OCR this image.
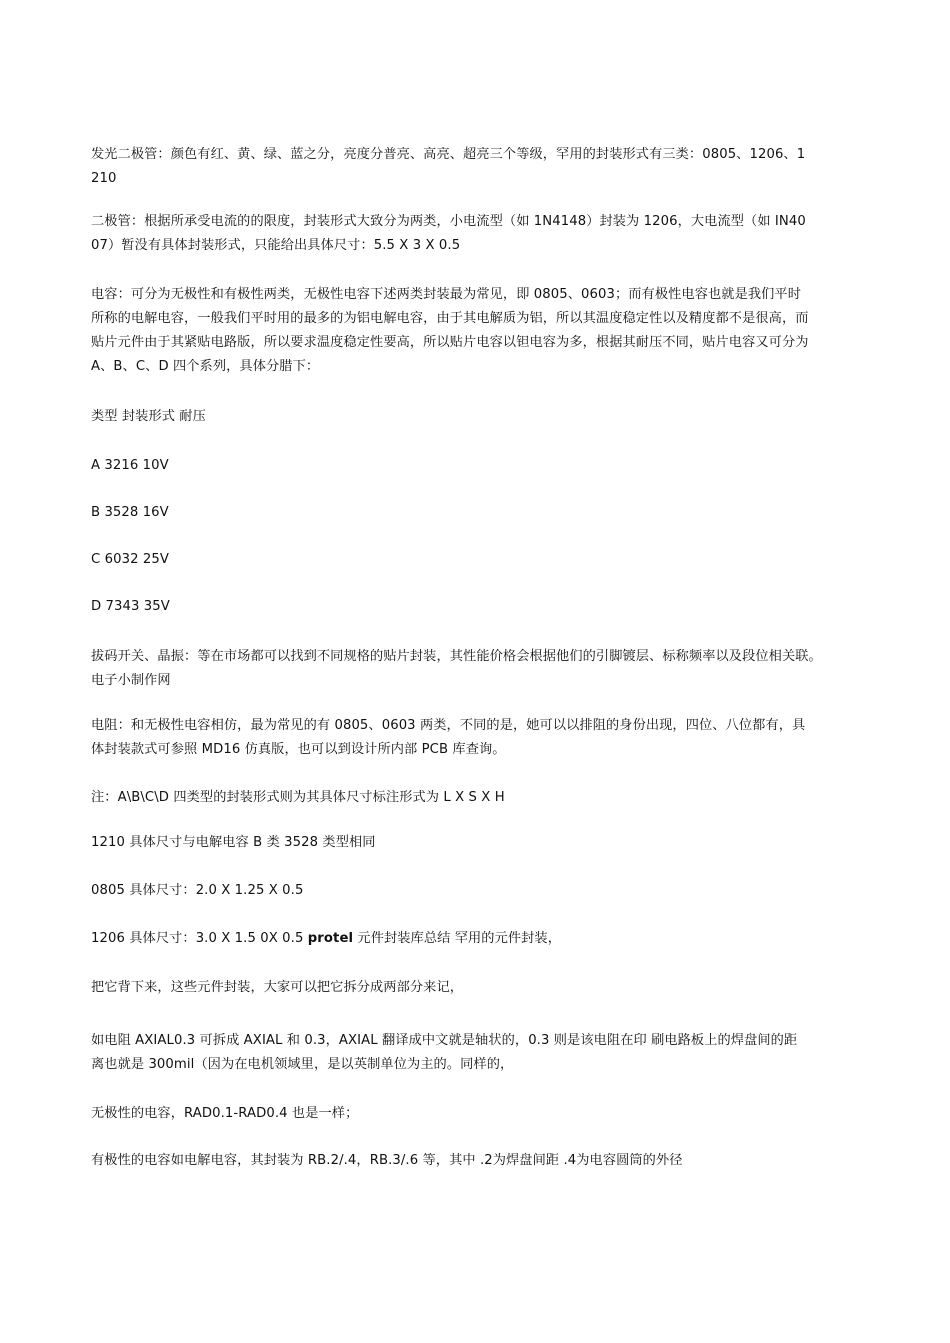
发光二极管：颜色有红、黄、绿、蓝之分，亮度分普亮、高亮、超亮三个等级，罕用的封装形式有三类：0805、1206、1
210
二极管：根据所承受电流的的限度，封装形式大致分为两类，小电流型（如 1N4148）封装为 1206，大电流型（如 IN40
07）暂没有具体封装形式，只能给出具体尺寸：5.5 X 3 X 0.5
电容：可分为无极性和有极性两类，无极性电容下述两类封装最为常见，即 0805、0603；而有极性电容也就是我们平时
所称的电解电容，一般我们平时用的最多的为铝电解电容，由于其电解质为铝，所以其温度稳定性以及精度都不是很高，而
贴片元件由于其紧贴电路版，所以要求温度稳定性要高，所以贴片电容以钽电容为多，根据其耐压不同，贴片电容又可分为
A、B、C、D 四个系列，具体分腊下：
类型 封装形式 耐压
A 3216 10V
B 3528 16V
C 6032 25V
D 7343 35V
拔码开关、晶振：等在市场都可以找到不同规格的贴片封装，其性能价格会根据他们的引脚镀层、标称频率以及段位相关联。
电子小制作网
电阻：和无极性电容相仿，最为常见的有 0805、0603 两类，不同的是，她可以以排阻的身份出现，四位、八位都有，具
体封装款式可参照 MD16 仿真版，也可以到设计所内部 PCB 库查询。
注：A\B\C\D 四类型的封装形式则为其具体尺寸标注形式为 L X S X H
1210 具体尺寸与电解电容 B 类 3528 类型相同
0805 具体尺寸：2.0 X 1.25 X 0.5
1206 具体尺寸：3.0 X 1.5 0X 0.5 protel 元件封装库总结 罕用的元件封装，
把它背下来，这些元件封装，大家可以把它拆分成两部分来记，
如电阻 AXIAL0.3 可拆成 AXIAL 和 0.3，AXIAL 翻译成中文就是轴状的，0.3 则是该电阻在印 刷电路板上的焊盘间的距
离也就是 300mil（因为在电机领域里，是以英制单位为主的。同样的，
无极性的电容，RAD0.1-RAD0.4 也是一样；
有极性的电容如电解电容，其封装为 RB.2/.4，RB.3/.6 等，其中 .2为焊盘间距 .4为电容圆筒的外径
